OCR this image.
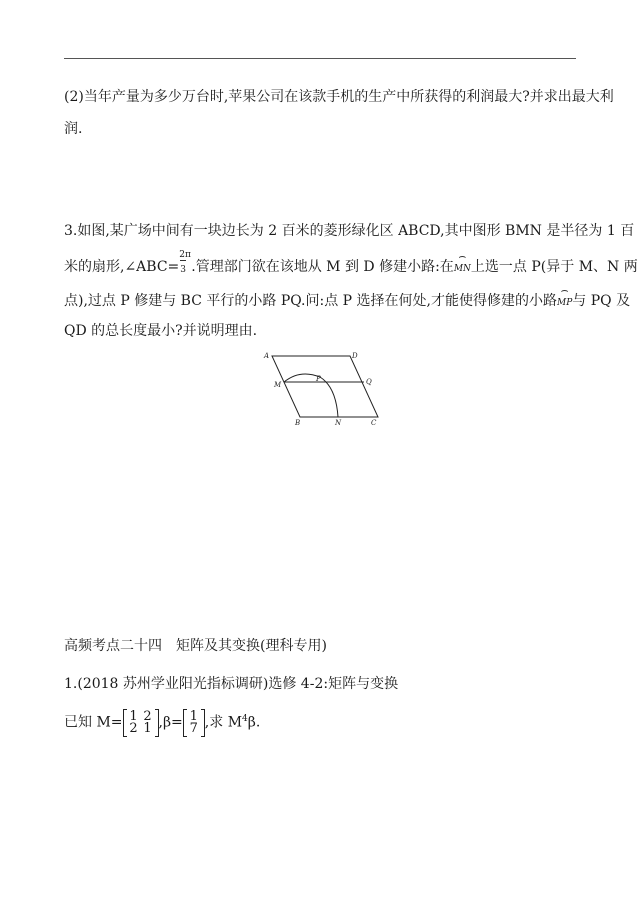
(2)当年产量为多少万台时,苹果公司在该款手机的生产中所获得的利润最大?并求出最大利
润.
3.如图,某广场中间有一块边长为 2 百米的菱形绿化区 ABCD,其中图形 BMN 是半径为 1 百
米的扇形,∠ABC= $\frac{2\pi}{3}$ .管理部门欲在该地从 M 到 D 修建小路:在⌢ MN上选一点 P(异于 M、N 两
点),过点 P 修建与 BC 平行的小路 PQ.问:点 P 选择在何处,才能使得修建的小路⌢ MP与 PQ 及
QD 的总长度最小?并说明理由.
A	D
M
P	Q
B	N	C
高频考点二十四　矩阵及其变换(理科专用)
1.(2018 苏州学业阳光指标调研)选修 4-2:矩阵与变换
已知 M= 1 2
2 1 ,β= 1
7 ,求 $M^4\beta$.
